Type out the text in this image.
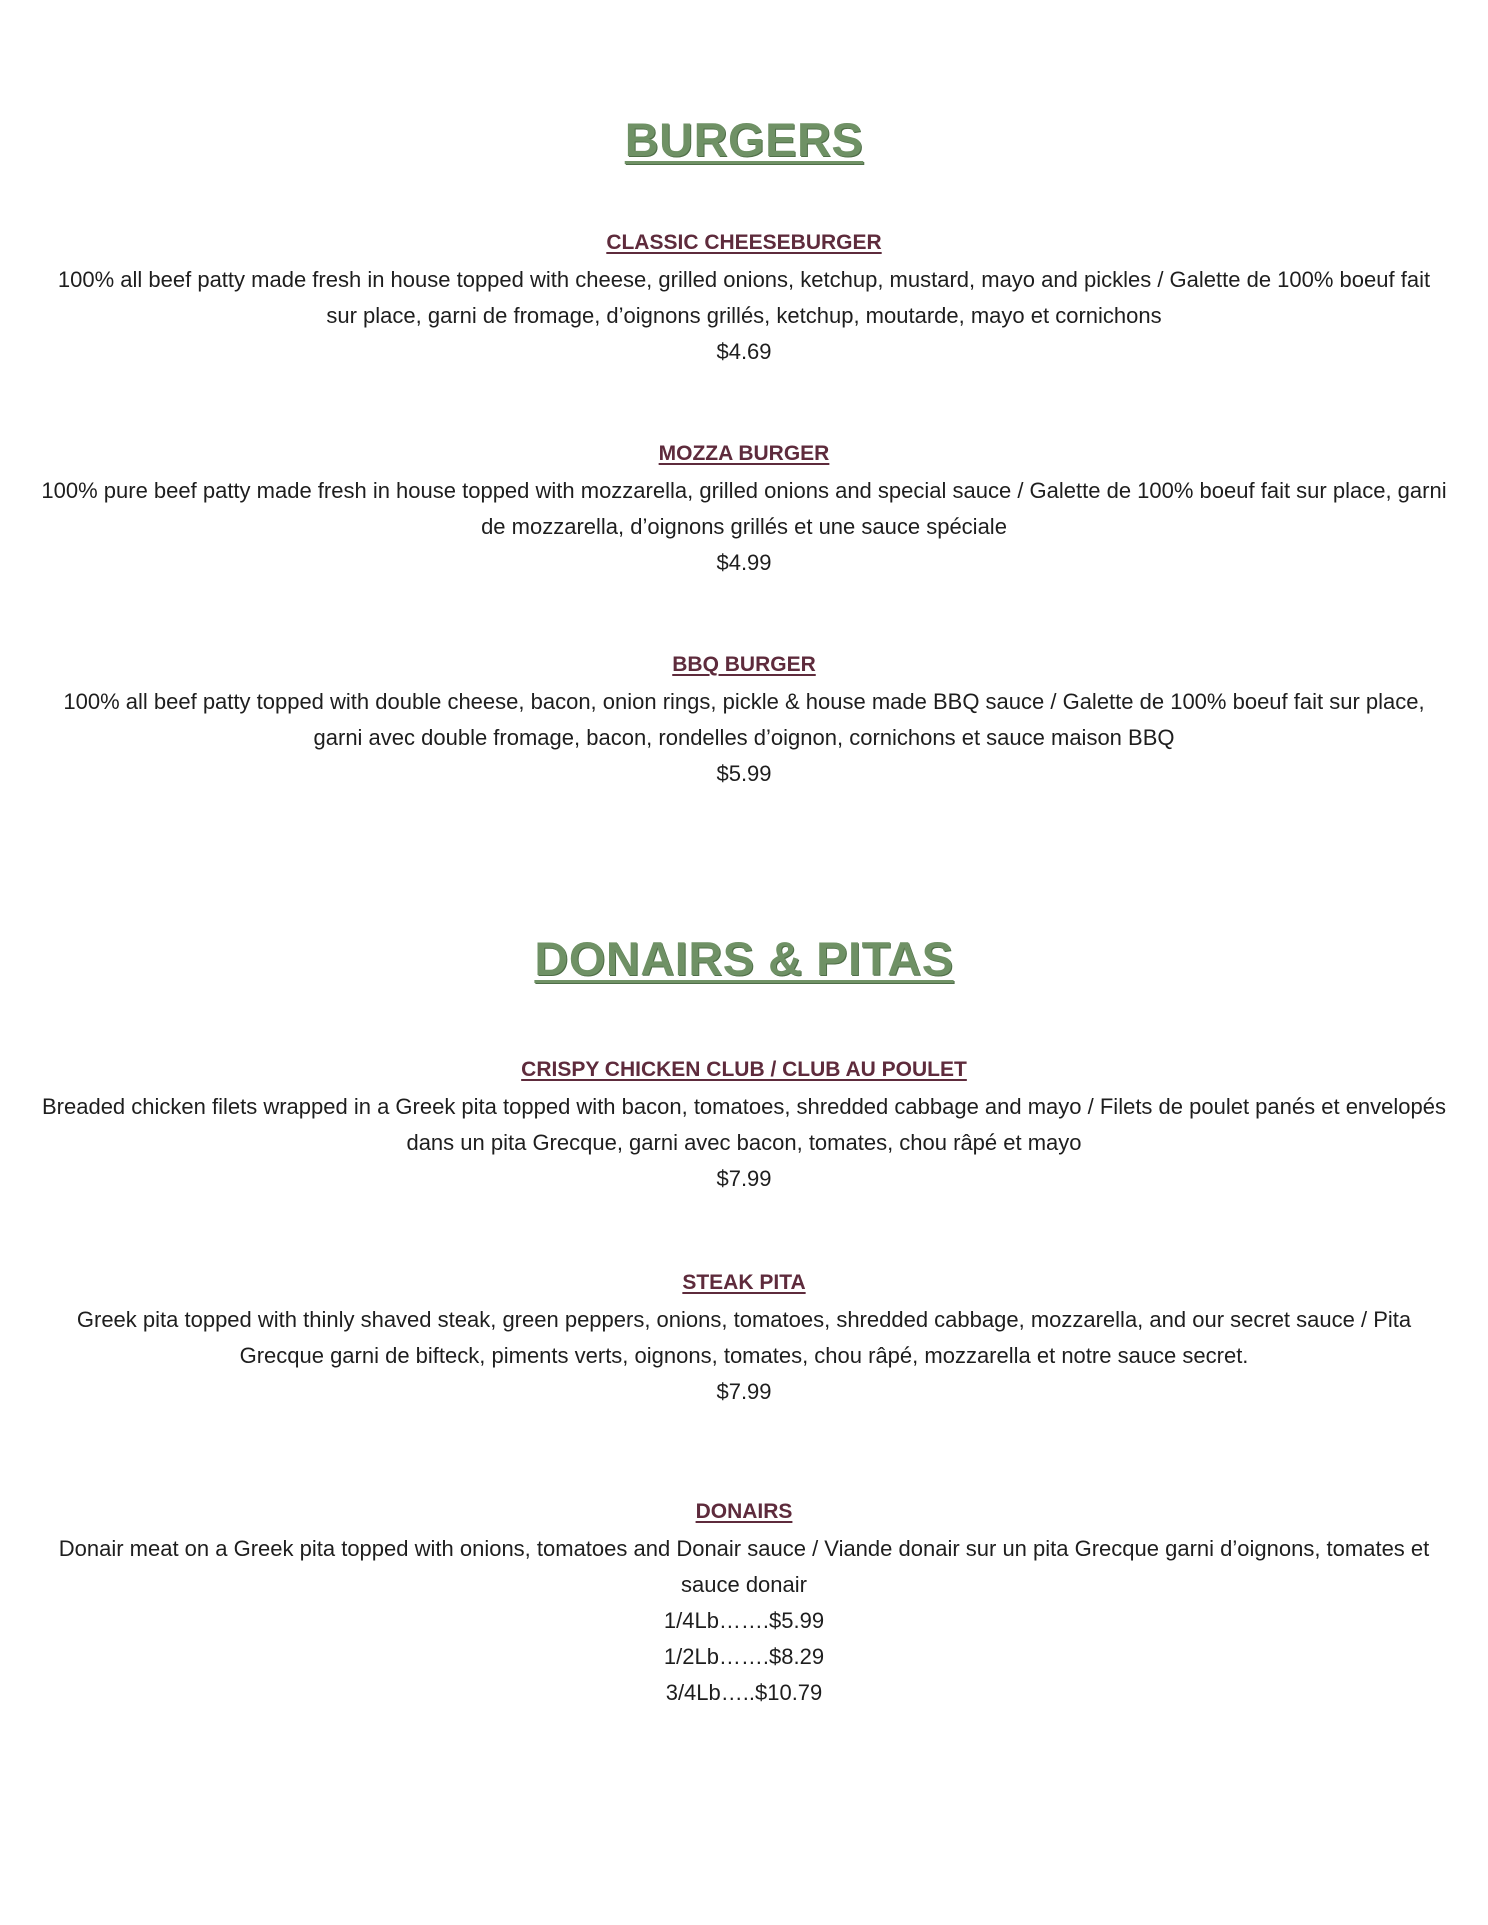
BURGERS
CLASSIC CHEESEBURGER
100% all beef patty made fresh in house topped with cheese, grilled onions, ketchup, mustard, mayo and pickles / Galette de 100% boeuf fait sur place, garni de fromage, d’oignons grillés, ketchup, moutarde, mayo et cornichons
$4.69
MOZZA BURGER
100% pure beef patty made fresh in house topped with mozzarella, grilled onions and special sauce / Galette de 100% boeuf fait sur place, garni de mozzarella, d’oignons grillés et une sauce spéciale
$4.99
BBQ BURGER
100% all beef patty topped with double cheese, bacon, onion rings, pickle & house made BBQ sauce / Galette de 100% boeuf fait sur place, garni avec double fromage, bacon, rondelles d’oignon, cornichons et sauce maison BBQ
$5.99
DONAIRS & PITAS
CRISPY CHICKEN CLUB / CLUB AU POULET
Breaded chicken filets wrapped in a Greek pita topped with bacon, tomatoes, shredded cabbage and mayo / Filets de poulet panés et envelopés dans un pita Grecque, garni avec bacon, tomates, chou râpé et mayo
$7.99
STEAK PITA
Greek pita topped with thinly shaved steak, green peppers, onions, tomatoes, shredded cabbage, mozzarella, and our secret sauce / Pita Grecque garni de bifteck, piments verts, oignons, tomates, chou râpé, mozzarella et notre sauce secret.
$7.99
DONAIRS
Donair meat on a Greek pita topped with onions, tomatoes and Donair sauce / Viande donair sur un pita Grecque garni d’oignons, tomates et sauce donair
1/4Lb…….$5.99
1/2Lb…….$8.29
3/4Lb…..$10.79
